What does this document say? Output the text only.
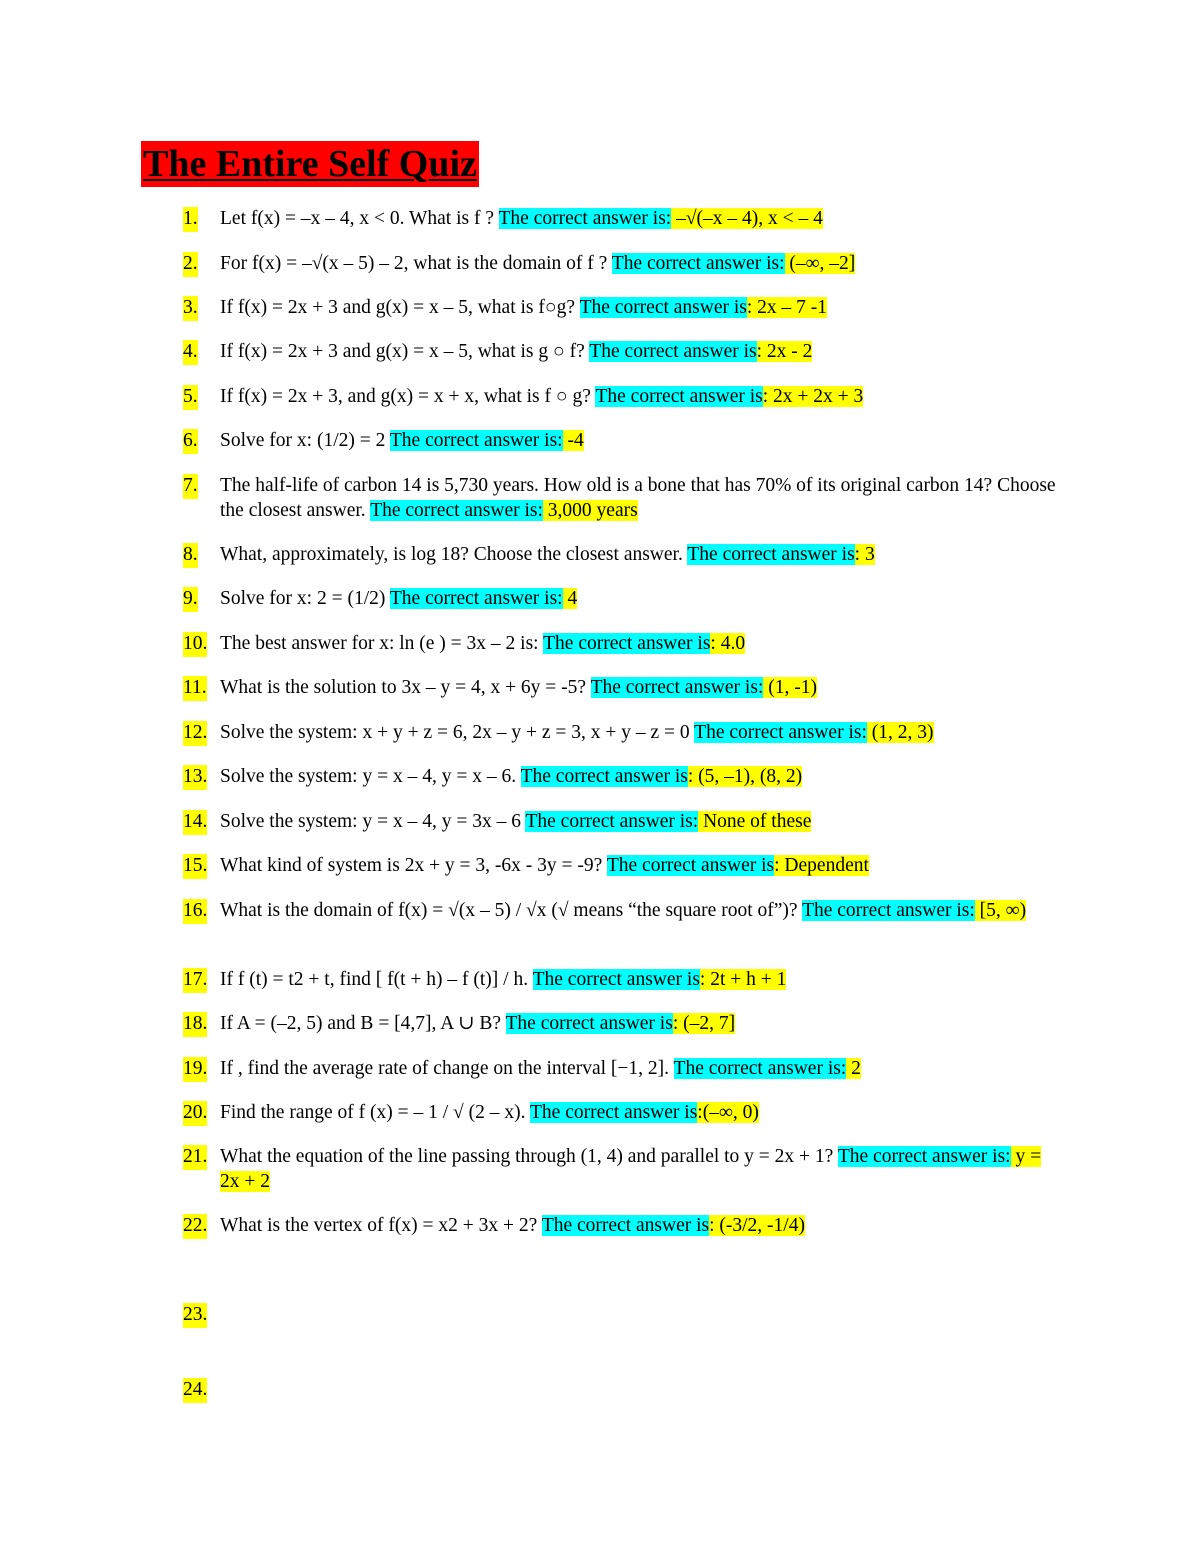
The Entire Self Quiz
1. Let f(x) = –x – 4, x < 0. What is f ? The correct answer is: –√(–x – 4), x < – 4
2. For f(x) = –√(x – 5) – 2, what is the domain of f ? The correct answer is: (–∞, –2]
3. If f(x) = 2x + 3 and g(x) = x – 5, what is f○g? The correct answer is: 2x – 7 -1
4. If f(x) = 2x + 3 and g(x) = x – 5, what is g ○ f? The correct answer is: 2x - 2
5. If f(x) = 2x + 3, and g(x) = x + x, what is f ○ g? The correct answer is: 2x + 2x + 3
6. Solve for x: (1/2) = 2 The correct answer is: -4
7. The half-life of carbon 14 is 5,730 years. How old is a bone that has 70% of its original carbon 14? Choose the closest answer. The correct answer is: 3,000 years
8. What, approximately, is log 18? Choose the closest answer. The correct answer is: 3
9. Solve for x: 2 = (1/2) The correct answer is: 4
10. The best answer for x: ln (e ) = 3x – 2 is: The correct answer is: 4.0
11. What is the solution to 3x – y = 4, x + 6y = -5? The correct answer is: (1, -1)
12. Solve the system: x + y + z = 6, 2x – y + z = 3, x + y – z = 0 The correct answer is: (1, 2, 3)
13. Solve the system: y = x – 4, y = x – 6. The correct answer is: (5, –1), (8, 2)
14. Solve the system: y = x – 4, y = 3x – 6 The correct answer is: None of these
15. What kind of system is 2x + y = 3, -6x - 3y = -9? The correct answer is: Dependent
16. What is the domain of f(x) = √(x – 5) / √x (√ means “the square root of”)? The correct answer is: [5, ∞)
17. If f (t) = t2 + t, find [ f(t + h) – f (t)] / h. The correct answer is: 2t + h + 1
18. If A = (–2, 5) and B = [4,7], A ∪ B? The correct answer is: (–2, 7]
19. If , find the average rate of change on the interval [−1, 2]. The correct answer is: 2
20. Find the range of f (x) = – 1 / √ (2 – x). The correct answer is:(–∞, 0)
21. What the equation of the line passing through (1, 4) and parallel to y = 2x + 1? The correct answer is: y = 2x + 2
22. What is the vertex of f(x) = x2 + 3x + 2? The correct answer is: (-3/2, -1/4)
23.
24.
